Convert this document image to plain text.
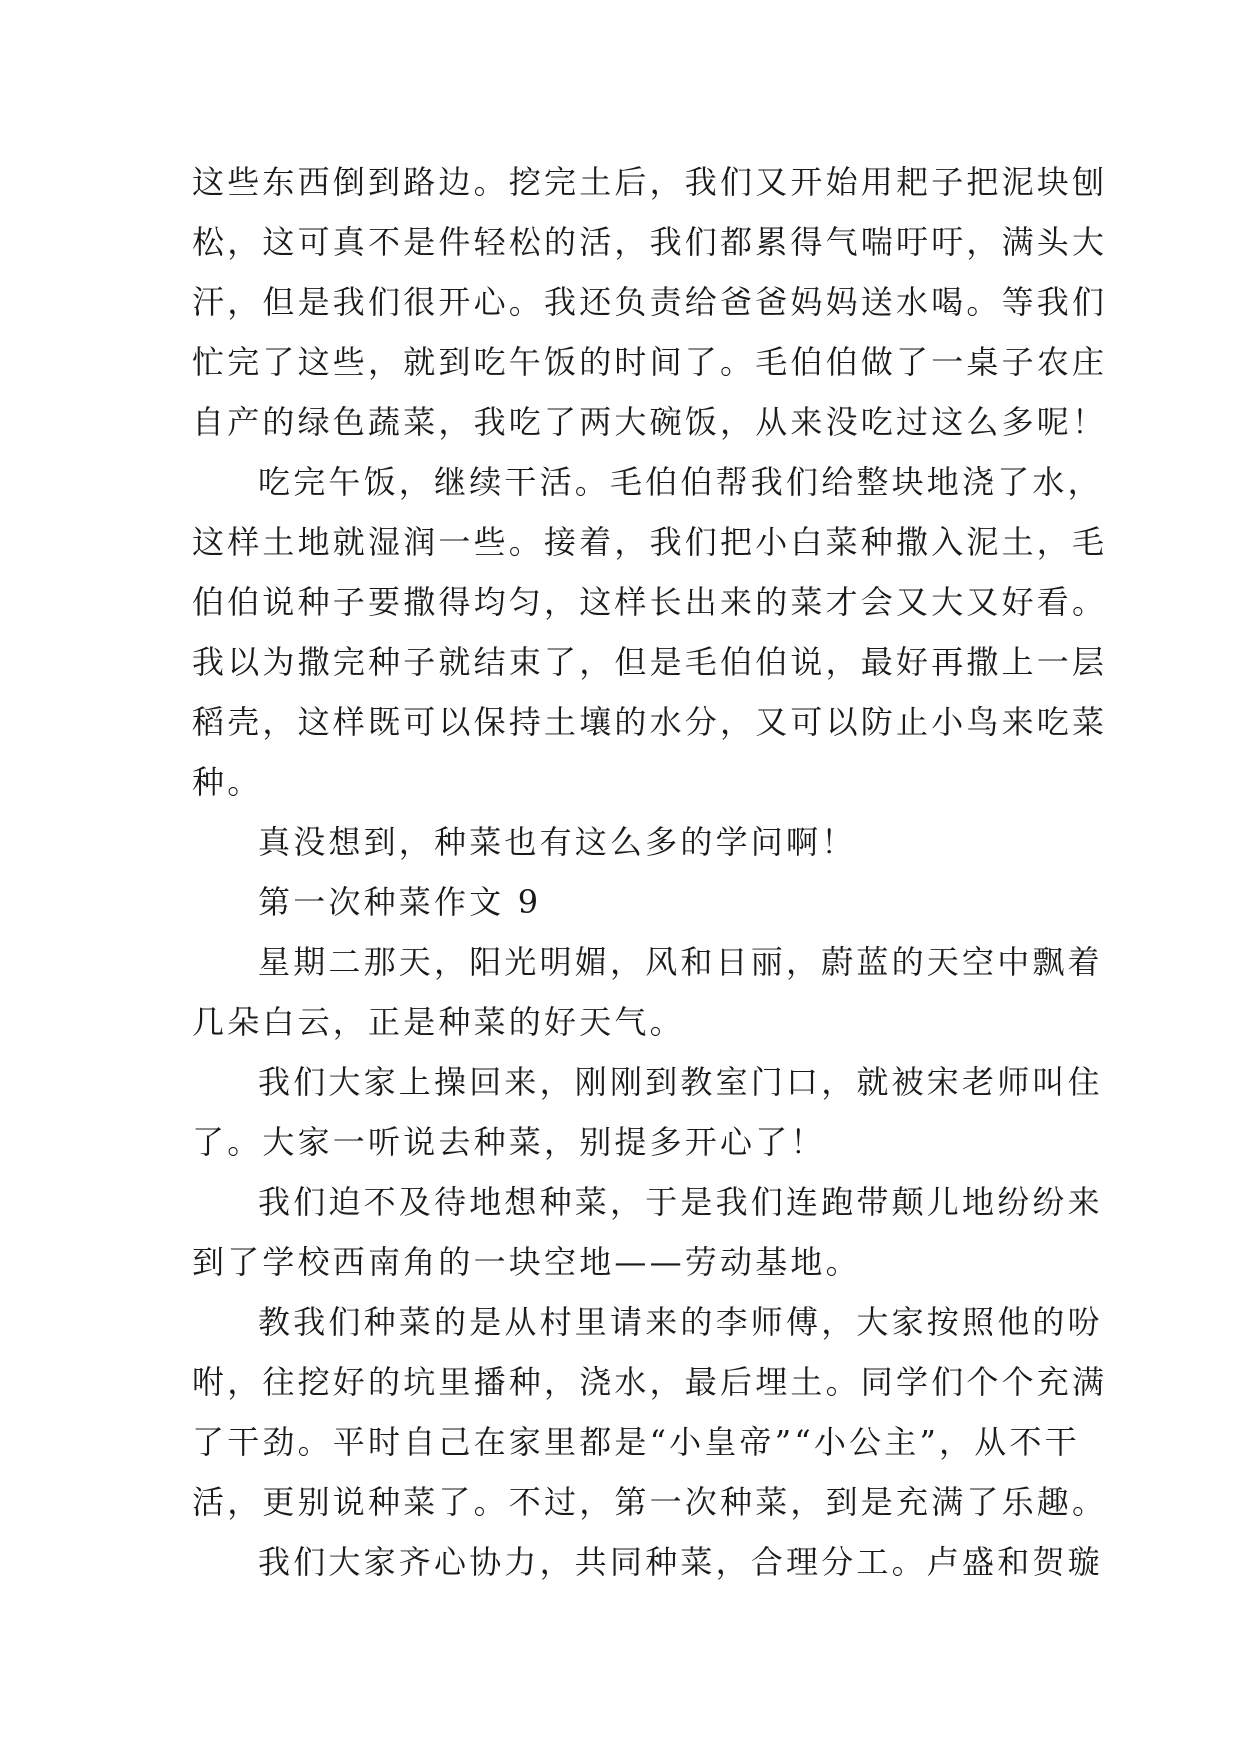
这些东西倒到路边。挖完土后，我们又开始用耙子把泥块刨
松，这可真不是件轻松的活，我们都累得气喘吁吁，满头大
汗，但是我们很开心。我还负责给爸爸妈妈送水喝。等我们
忙完了这些，就到吃午饭的时间了。毛伯伯做了一桌子农庄
自产的绿色蔬菜，我吃了两大碗饭，从来没吃过这么多呢！
吃完午饭，继续干活。毛伯伯帮我们给整块地浇了水，
这样土地就湿润一些。接着，我们把小白菜种撒入泥土，毛
伯伯说种子要撒得均匀，这样长出来的菜才会又大又好看。
我以为撒完种子就结束了，但是毛伯伯说，最好再撒上一层
稻壳，这样既可以保持土壤的水分，又可以防止小鸟来吃菜
种。
真没想到，种菜也有这么多的学问啊！
第一次种菜作文 9
星期二那天，阳光明媚，风和日丽，蔚蓝的天空中飘着
几朵白云，正是种菜的好天气。
我们大家上操回来，刚刚到教室门口，就被宋老师叫住
了。大家一听说去种菜，别提多开心了！
我们迫不及待地想种菜，于是我们连跑带颠儿地纷纷来
到了学校西南角的一块空地——劳动基地。
教我们种菜的是从村里请来的李师傅，大家按照他的吩
咐，往挖好的坑里播种，浇水，最后埋土。同学们个个充满
了干劲。平时自己在家里都是“小皇帝”“小公主”，从不干
活，更别说种菜了。不过，第一次种菜，到是充满了乐趣。
我们大家齐心协力，共同种菜，合理分工。卢盛和贺璇
